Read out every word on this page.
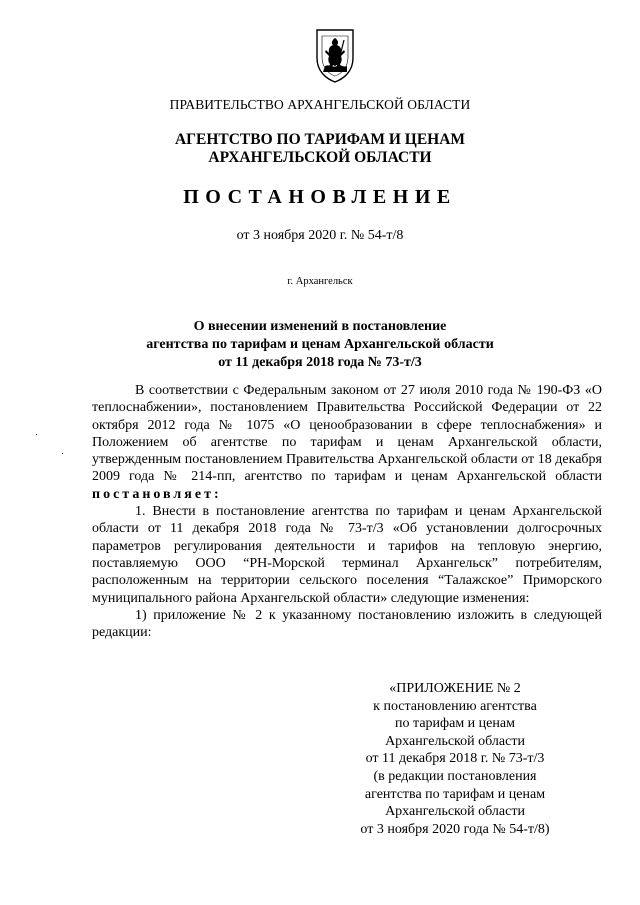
ПРАВИТЕЛЬСТВО АРХАНГЕЛЬСКОЙ ОБЛАСТИ
АГЕНТСТВО ПО ТАРИФАМ И ЦЕНАМ
АРХАНГЕЛЬСКОЙ ОБЛАСТИ
ПОСТАНОВЛЕНИЕ
от 3 ноября 2020 г. № 54-т/8
г. Архангельск
О внесении изменений в постановление
агентства по тарифам и ценам Архангельской области
от 11 декабря 2018 года № 73-т/3

В соответствии с Федеральным законом от 27 июля 2010 года № 190-ФЗ «О теплоснабжении», постановлением Правительства Российской Федерации от 22 октября 2012 года № 1075 «О ценообразовании в сфере теплоснабжения» и Положением об агентстве по тарифам и ценам Архангельской области, утвержденным постановлением Правительства Архангельской области от 18 декабря 2009 года № 214-пп, агентство по тарифам и ценам Архангельской области постановляет:

1. Внести в постановление агентства по тарифам и ценам Архангельской области от 11 декабря 2018 года № 73-т/3 «Об установлении долгосрочных параметров регулирования деятельности и тарифов на тепловую энергию, поставляемую ООО “РН-Морской терминал Архангельск” потребителям, расположенным на территории сельского поселения “Талажское” Приморского муниципального района Архангельской области» следующие изменения:

1) приложение № 2 к указанному постановлению изложить в следующей редакции:

«ПРИЛОЖЕНИЕ № 2
к постановлению агентства
по тарифам и ценам
Архангельской области
от 11 декабря 2018 г. № 73-т/3
(в редакции постановления
агентства по тарифам и ценам
Архангельской области
от 3 ноября 2020 года № 54-т/8)
